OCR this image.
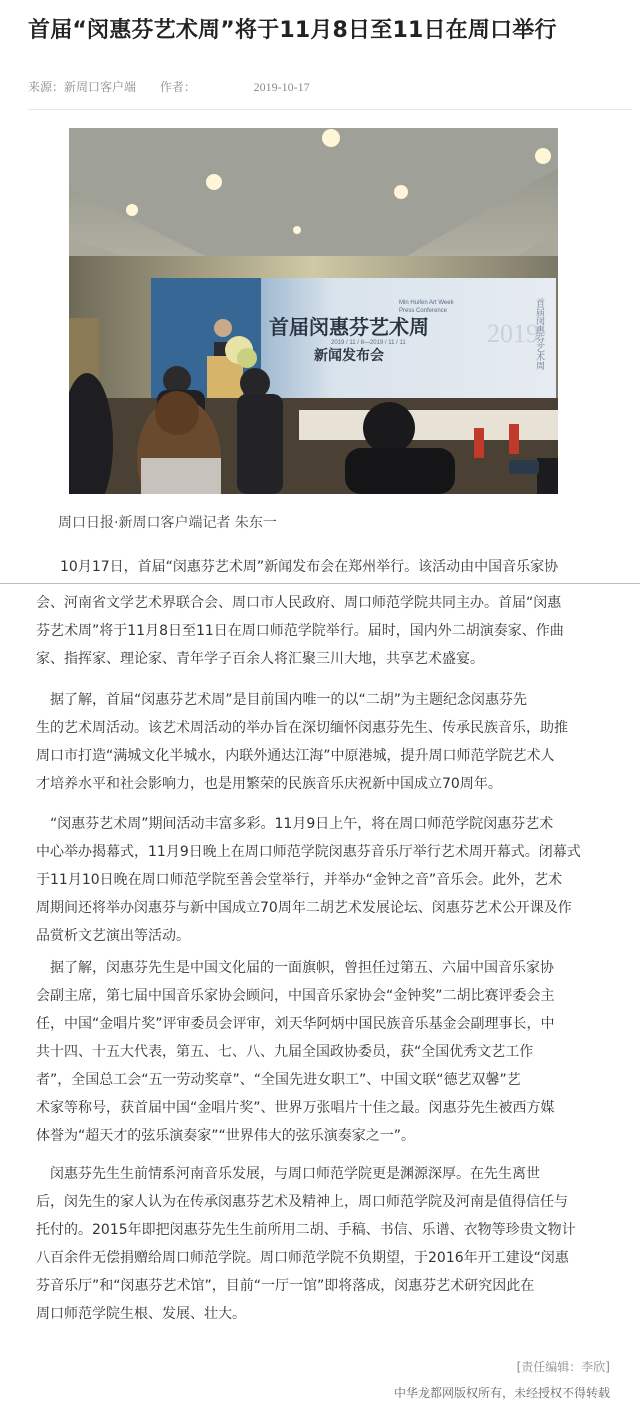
首届“闵惠芬艺术周”将于11月8日至11日在周口举行
来源：新周口客户端 作者：	2019-10-17
首届闵惠芬艺术周
新闻发布会
Min Huifen Art Week
Press Conference
2019 / 11 / 8—2019 / 11 / 11	2019
首届闵惠芬艺术周
周口日报·新周口客户端记者 朱东一
10月17日，首届“闵惠芬艺术周”新闻发布会在郑州举行。该活动由中国音乐家协

会、河南省文学艺术界联合会、周口市人民政府、周口师范学院共同主办。首届“闵惠

芬艺术周”将于11月8日至11日在周口师范学院举行。届时，国内外二胡演奏家、作曲

家、指挥家、理论家、青年学子百余人将汇聚三川大地，共享艺术盛宴。

　据了解，首届“闵惠芬艺术周”是目前国内唯一的以“二胡”为主题纪念闵惠芬先

生的艺术周活动。该艺术周活动的举办旨在深切缅怀闵惠芬先生、传承民族音乐，助推

周口市打造“满城文化半城水，内联外通达江海”中原港城，提升周口师范学院艺术人

才培养水平和社会影响力，也是用繁荣的民族音乐庆祝新中国成立70周年。

　“闵惠芬艺术周”期间活动丰富多彩。11月9日上午，将在周口师范学院闵惠芬艺术

中心举办揭幕式，11月9日晚上在周口师范学院闵惠芬音乐厅举行艺术周开幕式。闭幕式

于11月10日晚在周口师范学院至善会堂举行，并举办“金钟之音”音乐会。此外，艺术

周期间还将举办闵惠芬与新中国成立70周年二胡艺术发展论坛、闵惠芬艺术公开课及作

品赏析文艺演出等活动。

　据了解，闵惠芬先生是中国文化届的一面旗帜，曾担任过第五、六届中国音乐家协

会副主席，第七届中国音乐家协会顾问，中国音乐家协会“金钟奖”二胡比赛评委会主

任，中国“金唱片奖”评审委员会评审，刘天华阿炳中国民族音乐基金会副理事长，中

共十四、十五大代表，第五、七、八、九届全国政协委员，获“全国优秀文艺工作

者”，全国总工会“五一劳动奖章”、“全国先进女职工”、中国文联“德艺双馨”艺

术家等称号，获首届中国“金唱片奖”、世界万张唱片十佳之最。闵惠芬先生被西方媒

体誉为“超天才的弦乐演奏家”“世界伟大的弦乐演奏家之一”。

　闵惠芬先生生前情系河南音乐发展，与周口师范学院更是渊源深厚。在先生离世

后，闵先生的家人认为在传承闵惠芬艺术及精神上，周口师范学院及河南是值得信任与

托付的。2015年即把闵惠芬先生生前所用二胡、手稿、书信、乐谱、衣物等珍贵文物计

八百余件无偿捐赠给周口师范学院。周口师范学院不负期望，于2016年开工建设“闵惠

芬音乐厅”和“闵惠芬艺术馆”，目前“一厅一馆”即将落成，闵惠芬艺术研究因此在

周口师范学院生根、发展、壮大。

[责任编辑：李欣]
中华龙都网版权所有，未经授权不得转载
